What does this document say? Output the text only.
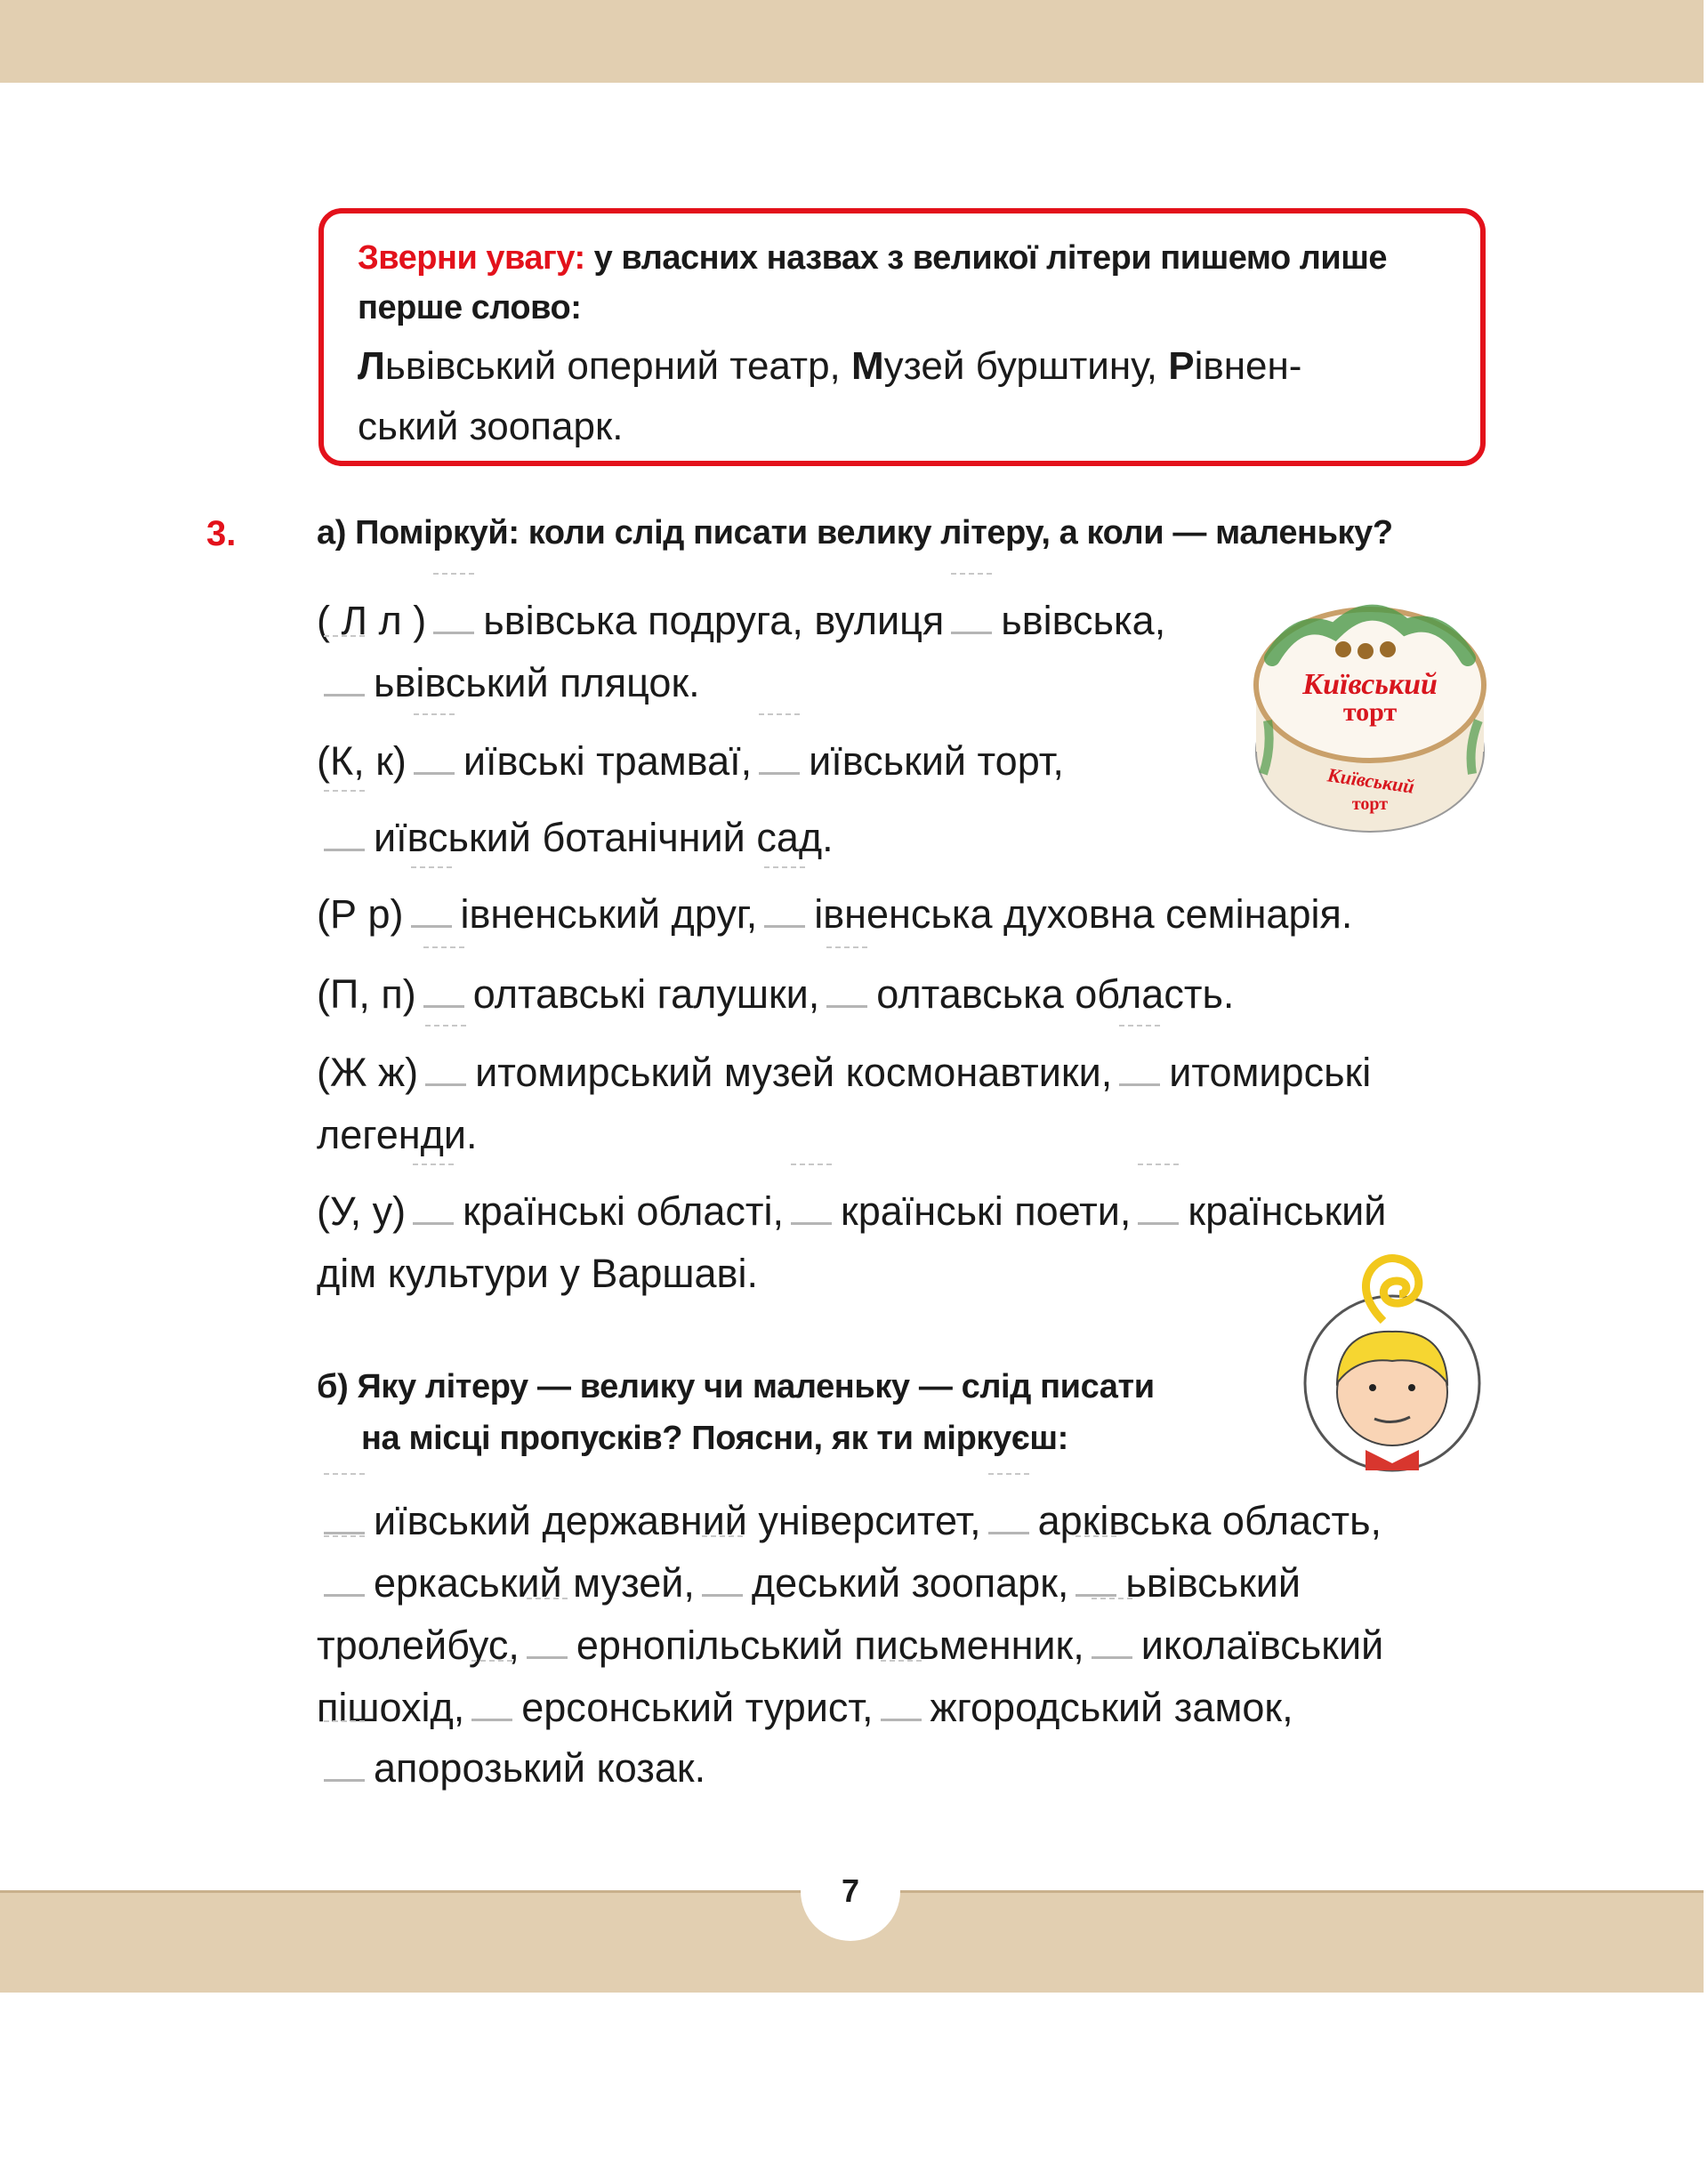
Зверни увагу: у власних назвах з великої літери пишемо лише
перше слово:
Львівський оперний театр, Музей бурштину, Рівнен-
ський зоопарк.
3. а) Поміркуй: коли слід писати велику літеру, а коли — маленьку?
( Л л ) ьвівська подруга, вулиця ьвівська,
ьвівський пляцок.
(К, к) иївські трамваї, иївський торт,
иївський ботанічний сад.
(Р р) івненський друг, івненська духовна семінарія.
(П, п) олтавські галушки, олтавська область.
(Ж ж) итомирський музей космонавтики, итомирські
легенди.
(У, у) країнські області, країнські поети, країнський
дім культури у Варшаві.
б) Яку літеру — велику чи маленьку — слід писати
на місці пропусків? Поясни, як ти міркуєш:
иївський державний університет, арківська область,
еркаський музей, деський зоопарк, ьвівський
тролейбус, ернопільський письменник, иколаївський
пішохід, ерсонський турист, жгородський замок,
апорозький козак.
Київський
торт
Київський
торт
7
